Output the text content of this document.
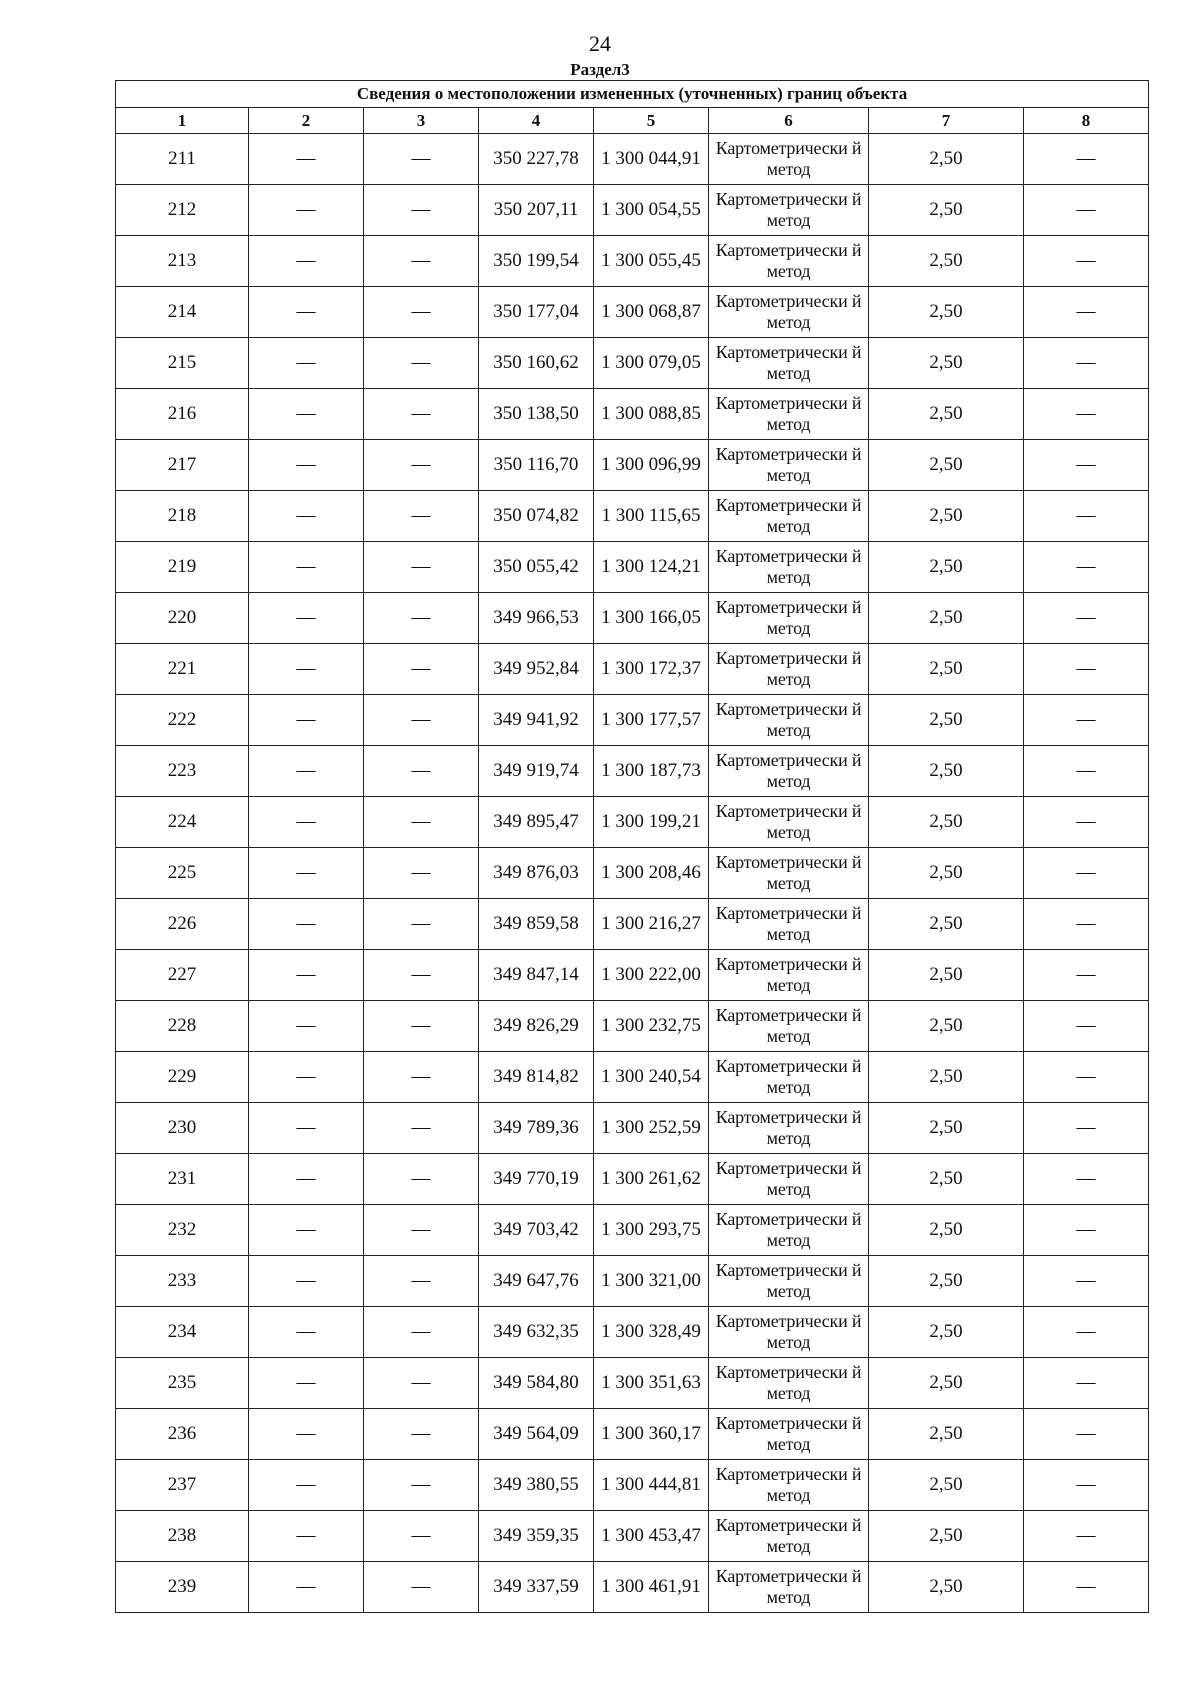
24
Раздел3
Сведения о местоположении измененных (уточненных) границ объекта							
1	2	3	4	5	6	7	8
211	—	—	350 227,78	1 300 044,91	Картометрически й метод	2,50	—
212	—	—	350 207,11	1 300 054,55	Картометрически й метод	2,50	—
213	—	—	350 199,54	1 300 055,45	Картометрически й метод	2,50	—
214	—	—	350 177,04	1 300 068,87	Картометрически й метод	2,50	—
215	—	—	350 160,62	1 300 079,05	Картометрически й метод	2,50	—
216	—	—	350 138,50	1 300 088,85	Картометрически й метод	2,50	—
217	—	—	350 116,70	1 300 096,99	Картометрически й метод	2,50	—
218	—	—	350 074,82	1 300 115,65	Картометрически й метод	2,50	—
219	—	—	350 055,42	1 300 124,21	Картометрически й метод	2,50	—
220	—	—	349 966,53	1 300 166,05	Картометрически й метод	2,50	—
221	—	—	349 952,84	1 300 172,37	Картометрически й метод	2,50	—
222	—	—	349 941,92	1 300 177,57	Картометрически й метод	2,50	—
223	—	—	349 919,74	1 300 187,73	Картометрически й метод	2,50	—
224	—	—	349 895,47	1 300 199,21	Картометрически й метод	2,50	—
225	—	—	349 876,03	1 300 208,46	Картометрически й метод	2,50	—
226	—	—	349 859,58	1 300 216,27	Картометрически й метод	2,50	—
227	—	—	349 847,14	1 300 222,00	Картометрически й метод	2,50	—
228	—	—	349 826,29	1 300 232,75	Картометрически й метод	2,50	—
229	—	—	349 814,82	1 300 240,54	Картометрически й метод	2,50	—
230	—	—	349 789,36	1 300 252,59	Картометрически й метод	2,50	—
231	—	—	349 770,19	1 300 261,62	Картометрически й метод	2,50	—
232	—	—	349 703,42	1 300 293,75	Картометрически й метод	2,50	—
233	—	—	349 647,76	1 300 321,00	Картометрически й метод	2,50	—
234	—	—	349 632,35	1 300 328,49	Картометрически й метод	2,50	—
235	—	—	349 584,80	1 300 351,63	Картометрически й метод	2,50	—
236	—	—	349 564,09	1 300 360,17	Картометрически й метод	2,50	—
237	—	—	349 380,55	1 300 444,81	Картометрически й метод	2,50	—
238	—	—	349 359,35	1 300 453,47	Картометрически й метод	2,50	—
239	—	—	349 337,59	1 300 461,91	Картометрически й метод	2,50	—
